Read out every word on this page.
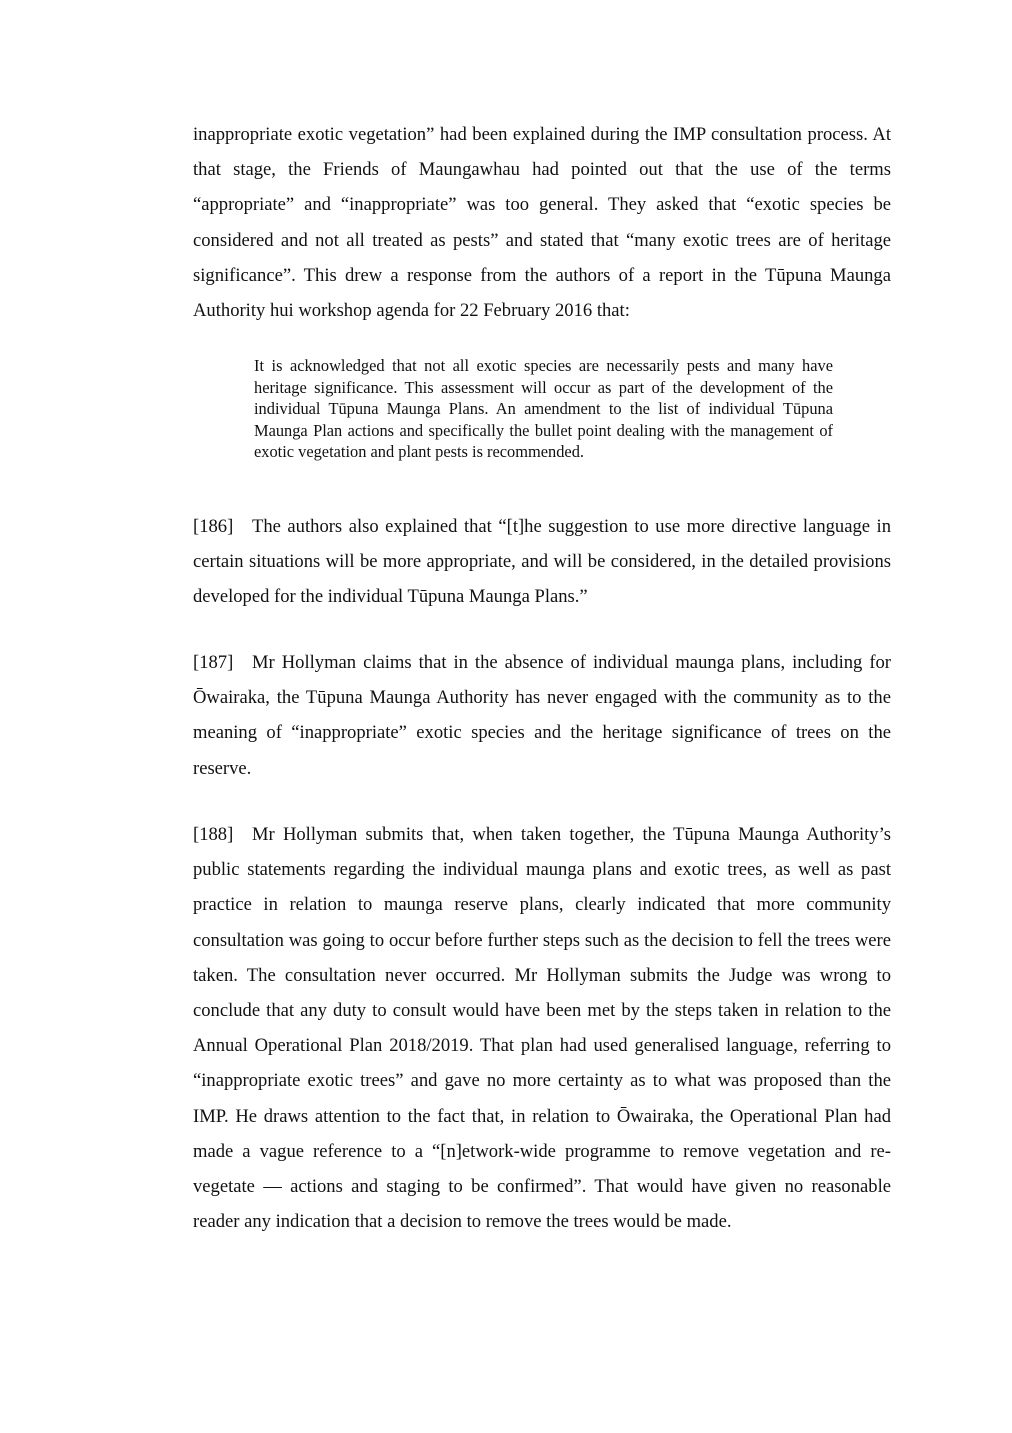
inappropriate exotic vegetation” had been explained during the IMP consultation process. At that stage, the Friends of Maungawhau had pointed out that the use of the terms “appropriate” and “inappropriate” was too general. They asked that “exotic species be considered and not all treated as pests” and stated that “many exotic trees are of heritage significance”. This drew a response from the authors of a report in the Tūpuna Maunga Authority hui workshop agenda for 22 February 2016 that:

It is acknowledged that not all exotic species are necessarily pests and many have heritage significance. This assessment will occur as part of the development of the individual Tūpuna Maunga Plans. An amendment to the list of individual Tūpuna Maunga Plan actions and specifically the bullet point dealing with the management of exotic vegetation and plant pests is recommended.

[186] The authors also explained that “[t]he suggestion to use more directive language in certain situations will be more appropriate, and will be considered, in the detailed provisions developed for the individual Tūpuna Maunga Plans.”

[187] Mr Hollyman claims that in the absence of individual maunga plans, including for Ōwairaka, the Tūpuna Maunga Authority has never engaged with the community as to the meaning of “inappropriate” exotic species and the heritage significance of trees on the reserve.

[188] Mr Hollyman submits that, when taken together, the Tūpuna Maunga Authority’s public statements regarding the individual maunga plans and exotic trees, as well as past practice in relation to maunga reserve plans, clearly indicated that more community consultation was going to occur before further steps such as the decision to fell the trees were taken. The consultation never occurred. Mr Hollyman submits the Judge was wrong to conclude that any duty to consult would have been met by the steps taken in relation to the Annual Operational Plan 2018/2019. That plan had used generalised language, referring to “inappropriate exotic trees” and gave no more certainty as to what was proposed than the IMP. He draws attention to the fact that, in relation to Ōwairaka, the Operational Plan had made a vague reference to a “[n]etwork-wide programme to remove vegetation and re-vegetate — actions and staging to be confirmed”. That would have given no reasonable reader any indication that a decision to remove the trees would be made.
